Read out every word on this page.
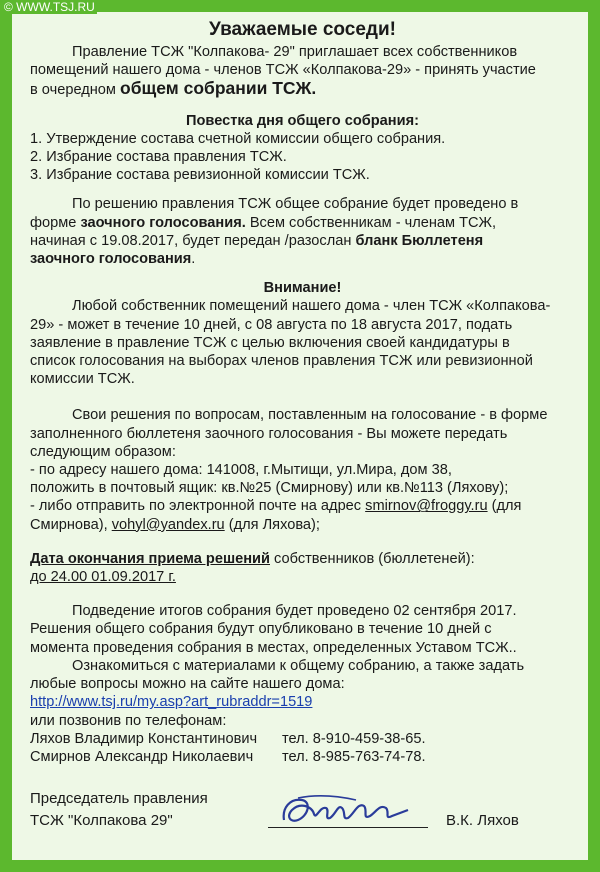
© WWW.TSJ.RU

Уважаемые соседи!

Правление ТСЖ "Колпакова- 29" приглашает всех собственников

помещений нашего дома - членов ТСЖ «Колпакова-29» - принять участие

в очередном общем собрании ТСЖ.

Повестка дня общего собрания:

1. Утверждение состава счетной комиссии общего собрания.

2. Избрание состава правления ТСЖ.

3. Избрание состава ревизионной комиссии ТСЖ.

По решению правления ТСЖ общее собрание будет проведено в

форме заочного голосования. Всем собственникам - членам ТСЖ,

начиная с 19.08.2017, будет передан /разослан бланк Бюллетеня

заочного голосования.

Внимание!

Любой собственник помещений нашего дома - член ТСЖ «Колпакова-

29» - может в течение 10 дней, с 08 августа по 18 августа 2017, подать

заявление в правление ТСЖ с целью включения своей кандидатуры в

список голосования на выборах членов правления ТСЖ или ревизионной

комиссии ТСЖ.

Свои решения по вопросам, поставленным на голосование - в форме

заполненного бюллетеня заочного голосования - Вы можете передать

следующим образом:

- по адресу нашего дома: 141008, г.Мытищи, ул.Мира, дом 38,

положить в почтовый ящик: кв.№25 (Смирнову) или кв.№113 (Ляхову);

- либо отправить по электронной почте на адрес smirnov@froggy.ru (для

Смирнова), vohyl@yandex.ru (для Ляхова);

Дата окончания приема решений собственников (бюллетеней):

до 24.00 01.09.2017 г.

Подведение итогов собрания будет проведено 02 сентября 2017.

Решения общего собрания будут опубликовано в течение 10 дней с

момента проведения собрания в местах, определенных Уставом ТСЖ..

Ознакомиться с материалами к общему собранию, а также задать

любые вопросы можно на сайте нашего дома:

http://www.tsj.ru/my.asp?art_rubraddr=1519

или позвонив по телефонам:

Ляхов Владимир Константинович тел. 8-910-459-38-65.

Смирнов Александр Николаевич тел. 8-985-763-74-78.

Председатель правления

ТСЖ "Колпакова 29"	В.К. Ляхов
